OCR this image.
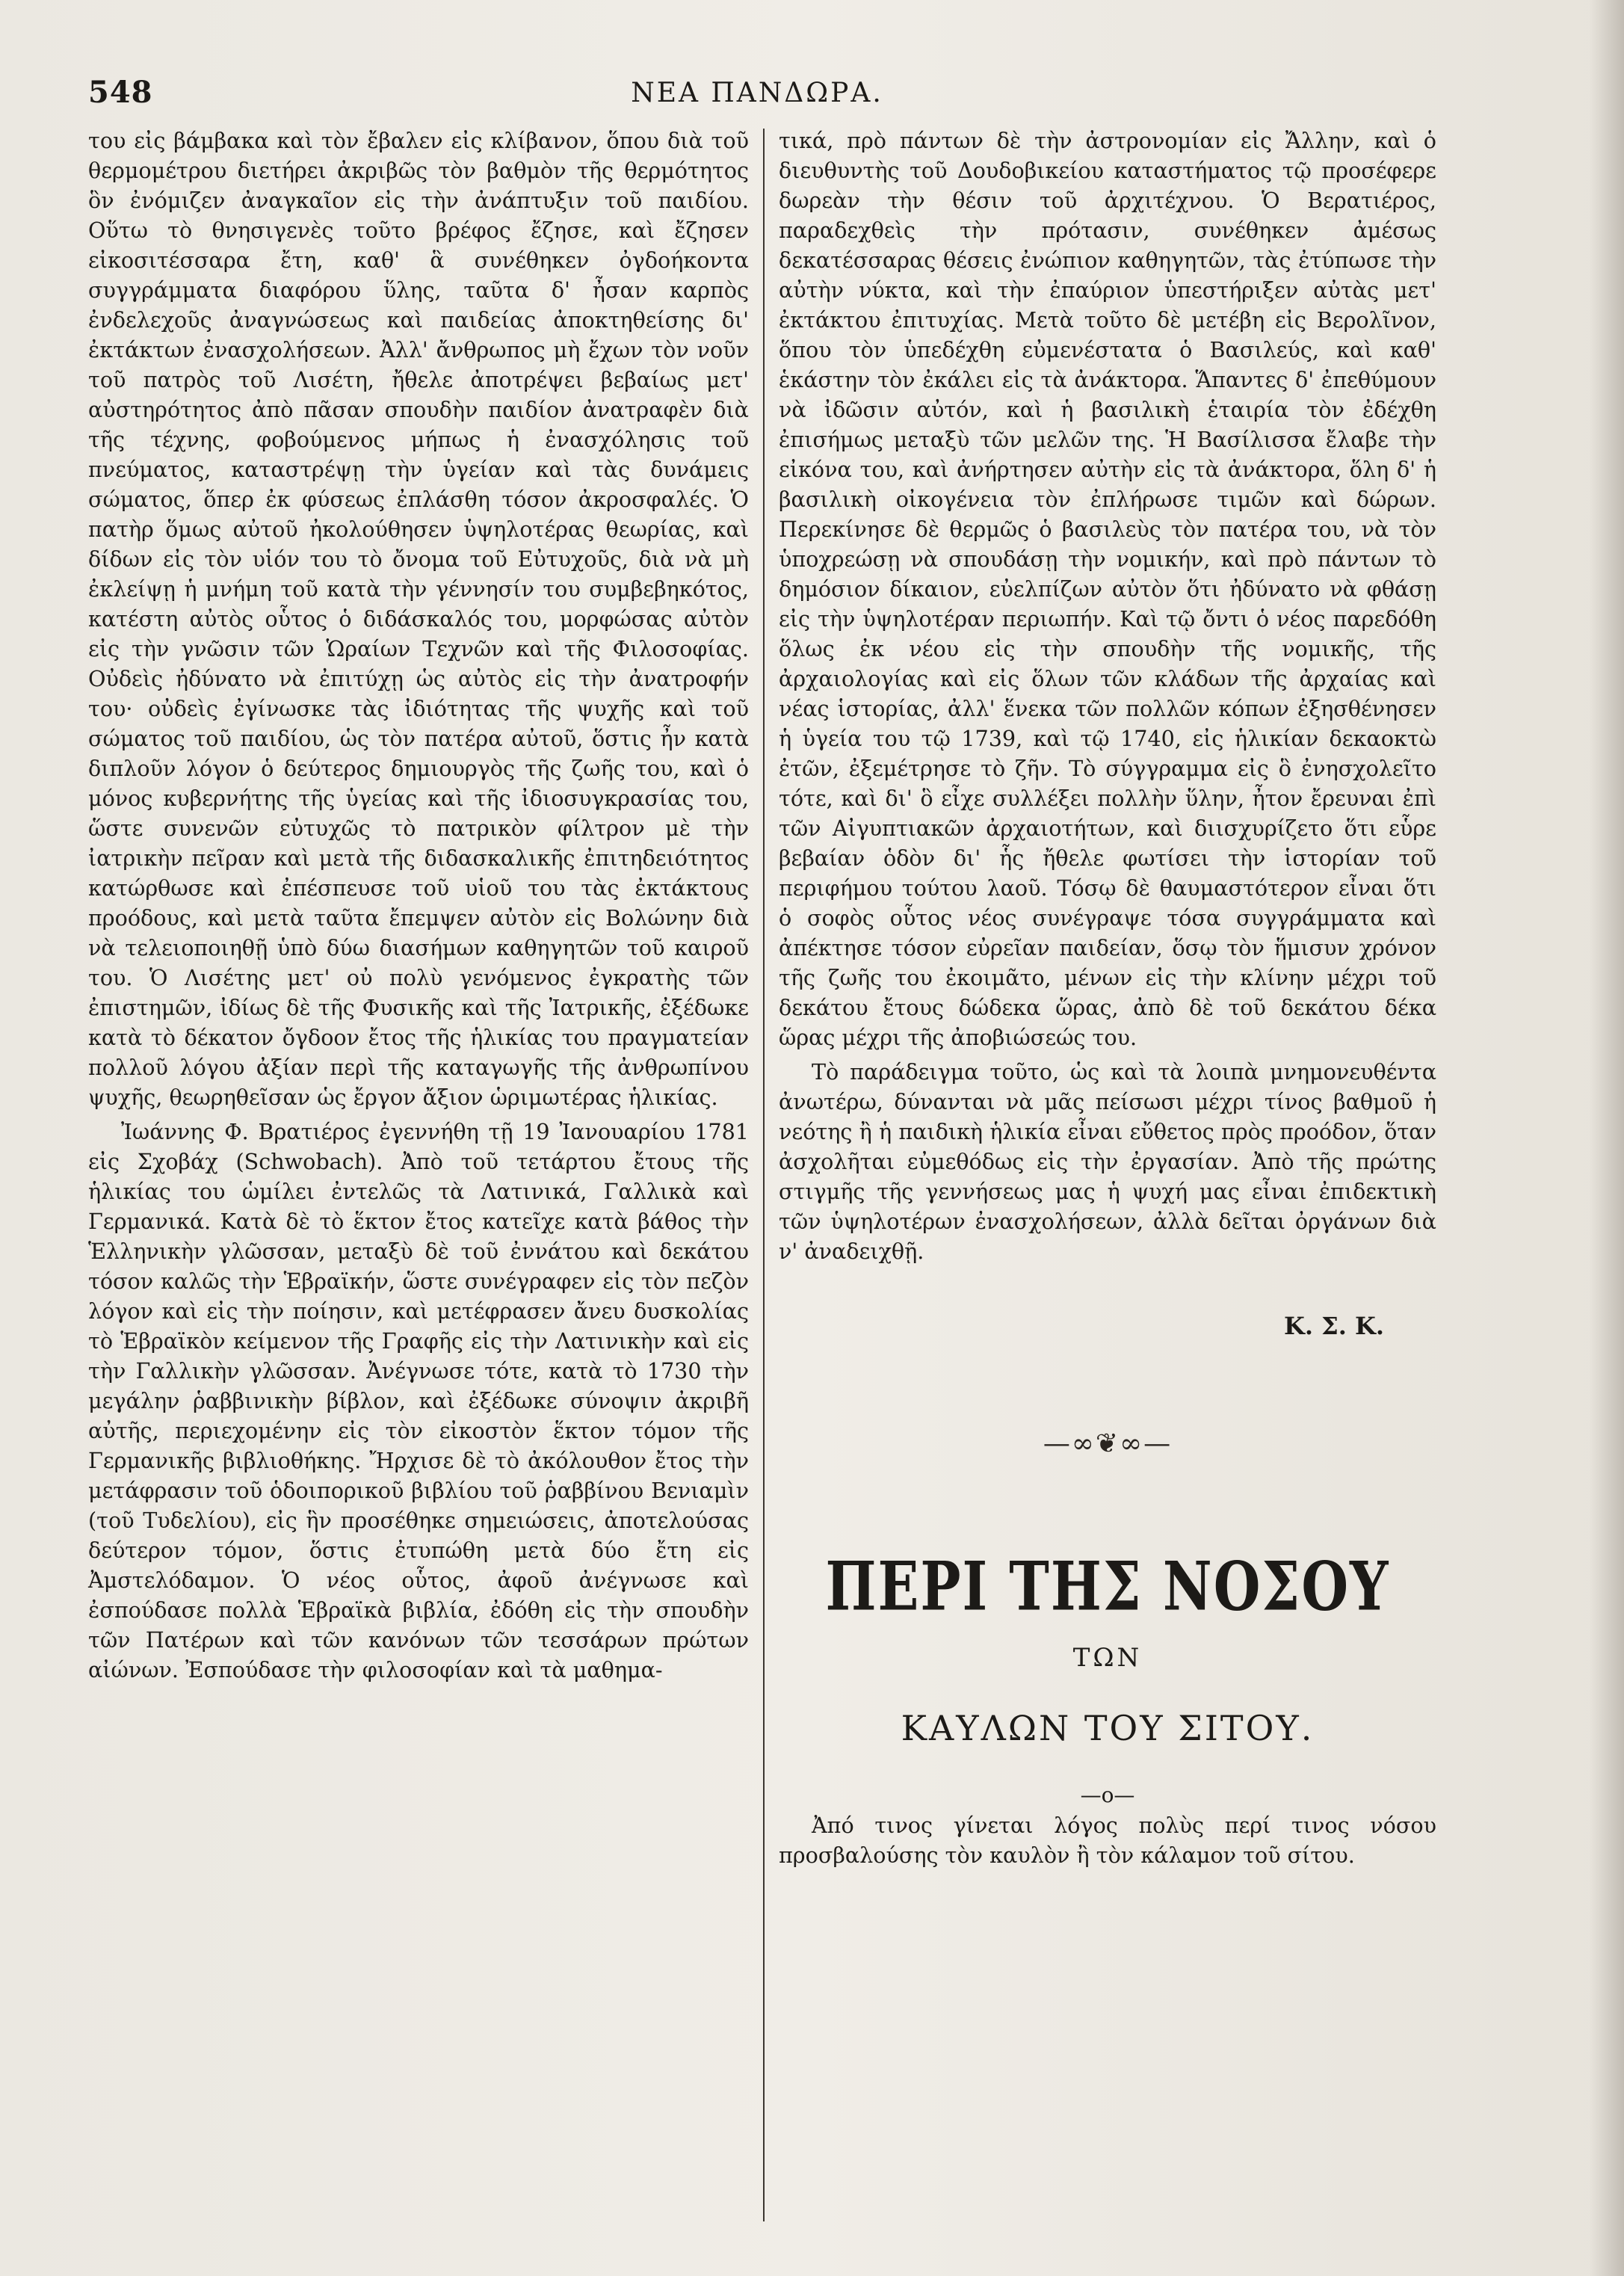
548	ΝΕΑ ΠΑΝΔΩΡΑ.

του εἰς βάμβακα καὶ τὸν ἔβαλεν εἰς κλίβανον, ὅπου διὰ τοῦ θερμομέτρου διετήρει ἀκριβῶς τὸν βαθμὸν τῆς θερμότητος ὃν ἐνόμιζεν ἀναγκαῖον εἰς τὴν ἀνάπτυξιν τοῦ παιδίου. Οὕτω τὸ θνησιγενὲς τοῦτο βρέφος ἔζησε, καὶ ἔζησεν εἰκοσιτέσσαρα ἔτη, καθ' ἃ συνέθηκεν ὀγδοήκοντα συγγράμματα διαφόρου ὕλης, ταῦτα δ' ἦσαν καρπὸς ἐνδελεχοῦς ἀναγνώσεως καὶ παιδείας ἀποκτηθείσης δι' ἐκτάκτων ἐνασχολήσεων. Ἀλλ' ἄνθρωπος μὴ ἔχων τὸν νοῦν τοῦ πατρὸς τοῦ Λισέτη, ἤθελε ἀποτρέψει βεβαίως μετ' αὐστηρότητος ἀπὸ πᾶσαν σπουδὴν παιδίον ἀνατραφὲν διὰ τῆς τέχνης, φοβούμενος μήπως ἡ ἐνασχόλησις τοῦ πνεύματος, καταστρέψῃ τὴν ὑγείαν καὶ τὰς δυνάμεις σώματος, ὅπερ ἐκ φύσεως ἐπλάσθη τόσον ἀκροσφαλές. Ὁ πατὴρ ὅμως αὐτοῦ ἠκολούθησεν ὑψηλοτέρας θεωρίας, καὶ δίδων εἰς τὸν υἱόν του τὸ ὄνομα τοῦ Εὐτυχοῦς, διὰ νὰ μὴ ἐκλείψῃ ἡ μνήμη τοῦ κατὰ τὴν γέννησίν του συμβεβηκότος, κατέστη αὐτὸς οὗτος ὁ διδάσκαλός του, μορφώσας αὐτὸν εἰς τὴν γνῶσιν τῶν Ὡραίων Τεχνῶν καὶ τῆς Φιλοσοφίας. Οὐδεὶς ἠδύνατο νὰ ἐπιτύχῃ ὡς αὐτὸς εἰς τὴν ἀνατροφήν του· οὐδεὶς ἐγίνωσκε τὰς ἰδιότητας τῆς ψυχῆς καὶ τοῦ σώματος τοῦ παιδίου, ὡς τὸν πατέρα αὐτοῦ, ὅστις ἦν κατὰ διπλοῦν λόγον ὁ δεύτερος δημιουργὸς τῆς ζωῆς του, καὶ ὁ μόνος κυβερνήτης τῆς ὑγείας καὶ τῆς ἰδιοσυγκρασίας του, ὥστε συνενῶν εὐτυχῶς τὸ πατρικὸν φίλτρον μὲ τὴν ἰατρικὴν πεῖραν καὶ μετὰ τῆς διδασκαλικῆς ἐπιτηδειότητος κατώρθωσε καὶ ἐπέσπευσε τοῦ υἱοῦ του τὰς ἐκτάκτους προόδους, καὶ μετὰ ταῦτα ἔπεμψεν αὐτὸν εἰς Βολώνην διὰ νὰ τελειοποιηθῇ ὑπὸ δύω διασήμων καθηγητῶν τοῦ καιροῦ του. Ὁ Λισέτης μετ' οὐ πολὺ γενόμενος ἐγκρατὴς τῶν ἐπιστημῶν, ἰδίως δὲ τῆς Φυσικῆς καὶ τῆς Ἰατρικῆς, ἐξέδωκε κατὰ τὸ δέκατον ὄγδοον ἔτος τῆς ἡλικίας του πραγματείαν πολλοῦ λόγου ἀξίαν περὶ τῆς καταγωγῆς τῆς ἀνθρωπίνου ψυχῆς, θεωρηθεῖσαν ὡς ἔργον ἄξιον ὡριμωτέρας ἡλικίας.

Ἰωάννης Φ. Βρατιέρος ἐγεννήθη τῇ 19 Ἰανουαρίου 1781 εἰς Σχοβάχ (Schwobach). Ἀπὸ τοῦ τετάρτου ἔτους τῆς ἡλικίας του ὡμίλει ἐντελῶς τὰ Λατινικά, Γαλλικὰ καὶ Γερμανικά. Κατὰ δὲ τὸ ἕκτον ἔτος κατεῖχε κατὰ βάθος τὴν Ἑλληνικὴν γλῶσσαν, μεταξὺ δὲ τοῦ ἐννάτου καὶ δεκάτου τόσον καλῶς τὴν Ἑβραϊκήν, ὥστε συνέγραφεν εἰς τὸν πεζὸν λόγον καὶ εἰς τὴν ποίησιν, καὶ μετέφρασεν ἄνευ δυσκολίας τὸ Ἑβραϊκὸν κείμενον τῆς Γραφῆς εἰς τὴν Λατινικὴν καὶ εἰς τὴν Γαλλικὴν γλῶσσαν. Ἀνέγνωσε τότε, κατὰ τὸ 1730 τὴν μεγάλην ῥαββινικὴν βίβλον, καὶ ἐξέδωκε σύνοψιν ἀκριβῆ αὐτῆς, περιεχομένην εἰς τὸν εἰκοστὸν ἕκτον τόμον τῆς Γερμανικῆς βιβλιοθήκης. Ἤρχισε δὲ τὸ ἀκόλουθον ἔτος τὴν μετάφρασιν τοῦ ὁδοιπορικοῦ βιβλίου τοῦ ῥαββίνου Βενιαμὶν (τοῦ Τυδελίου), εἰς ἣν προσέθηκε σημειώσεις, ἀποτελούσας δεύτερον τόμον, ὅστις ἐτυπώθη μετὰ δύο ἔτη εἰς Ἀμστελόδαμον. Ὁ νέος οὗτος, ἀφοῦ ἀνέγνωσε καὶ ἐσπούδασε πολλὰ Ἑβραϊκὰ βιβλία, ἐδόθη εἰς τὴν σπουδὴν τῶν Πατέρων καὶ τῶν κανόνων τῶν τεσσάρων πρώτων αἰώνων. Ἐσπούδασε τὴν φιλοσοφίαν καὶ τὰ μαθημα-

τικά, πρὸ πάντων δὲ τὴν ἀστρονομίαν εἰς Ἄλλην, καὶ ὁ διευθυντὴς τοῦ Δουδοβικείου καταστήματος τῷ προσέφερε δωρεὰν τὴν θέσιν τοῦ ἀρχιτέχνου. Ὁ Βερατιέρος, παραδεχθεὶς τὴν πρότασιν, συνέθηκεν ἀμέσως δεκατέσσαρας θέσεις ἐνώπιον καθηγητῶν, τὰς ἐτύπωσε τὴν αὐτὴν νύκτα, καὶ τὴν ἐπαύριον ὑπεστήριξεν αὐτὰς μετ' ἐκτάκτου ἐπιτυχίας. Μετὰ τοῦτο δὲ μετέβη εἰς Βερολῖνον, ὅπου τὸν ὑπεδέχθη εὐμενέστατα ὁ Βασιλεύς, καὶ καθ' ἑκάστην τὸν ἐκάλει εἰς τὰ ἀνάκτορα. Ἅπαντες δ' ἐπεθύμουν νὰ ἰδῶσιν αὐτόν, καὶ ἡ βασιλικὴ ἑταιρία τὸν ἐδέχθη ἐπισήμως μεταξὺ τῶν μελῶν της. Ἡ Βασίλισσα ἔλαβε τὴν εἰκόνα του, καὶ ἀνήρτησεν αὐτὴν εἰς τὰ ἀνάκτορα, ὅλη δ' ἡ βασιλικὴ οἰκογένεια τὸν ἐπλήρωσε τιμῶν καὶ δώρων. Περεκίνησε δὲ θερμῶς ὁ βασιλεὺς τὸν πατέρα του, νὰ τὸν ὑποχρεώσῃ νὰ σπουδάσῃ τὴν νομικήν, καὶ πρὸ πάντων τὸ δημόσιον δίκαιον, εὐελπίζων αὐτὸν ὅτι ἠδύνατο νὰ φθάσῃ εἰς τὴν ὑψηλοτέραν περιωπήν. Καὶ τῷ ὄντι ὁ νέος παρεδόθη ὅλως ἐκ νέου εἰς τὴν σπουδὴν τῆς νομικῆς, τῆς ἀρχαιολογίας καὶ εἰς ὅλων τῶν κλάδων τῆς ἀρχαίας καὶ νέας ἱστορίας, ἀλλ' ἕνεκα τῶν πολλῶν κόπων ἐξησθένησεν ἡ ὑγεία του τῷ 1739, καὶ τῷ 1740, εἰς ἡλικίαν δεκαοκτὼ ἐτῶν, ἐξεμέτρησε τὸ ζῆν. Τὸ σύγγραμμα εἰς ὃ ἐνησχολεῖτο τότε, καὶ δι' ὃ εἶχε συλλέξει πολλὴν ὕλην, ἦτον ἔρευναι ἐπὶ τῶν Αἰγυπτιακῶν ἀρχαιοτήτων, καὶ διισχυρίζετο ὅτι εὗρε βεβαίαν ὁδὸν δι' ἧς ἤθελε φωτίσει τὴν ἱστορίαν τοῦ περιφήμου τούτου λαοῦ. Τόσῳ δὲ θαυμαστότερον εἶναι ὅτι ὁ σοφὸς οὗτος νέος συνέγραψε τόσα συγγράμματα καὶ ἀπέκτησε τόσον εὐρεῖαν παιδείαν, ὅσῳ τὸν ἥμισυν χρόνον τῆς ζωῆς του ἐκοιμᾶτο, μένων εἰς τὴν κλίνην μέχρι τοῦ δεκάτου ἔτους δώδεκα ὥρας, ἀπὸ δὲ τοῦ δεκάτου δέκα ὥρας μέχρι τῆς ἀποβιώσεώς του.

Τὸ παράδειγμα τοῦτο, ὡς καὶ τὰ λοιπὰ μνημονευθέντα ἀνωτέρω, δύνανται νὰ μᾶς πείσωσι μέχρι τίνος βαθμοῦ ἡ νεότης ἢ ἡ παιδικὴ ἡλικία εἶναι εὔθετος πρὸς προόδον, ὅταν ἀσχολῆται εὐμεθόδως εἰς τὴν ἐργασίαν. Ἀπὸ τῆς πρώτης στιγμῆς τῆς γεννήσεως μας ἡ ψυχή μας εἶναι ἐπιδεκτικὴ τῶν ὑψηλοτέρων ἐνασχολήσεων, ἀλλὰ δεῖται ὀργάνων διὰ ν' ἀναδειχθῇ.

Κ. Σ. Κ.
—∞❦∞—
ΠΕΡΙ ΤΗΣ ΝΟΣΟΥ
ΤΩΝ
ΚΑΥΛΩΝ ΤΟΥ ΣΙΤΟΥ.
—o—

Ἀπό τινος γίνεται λόγος πολὺς περί τινος νόσου προσβαλούσης τὸν καυλὸν ἢ τὸν κάλαμον τοῦ σίτου.
